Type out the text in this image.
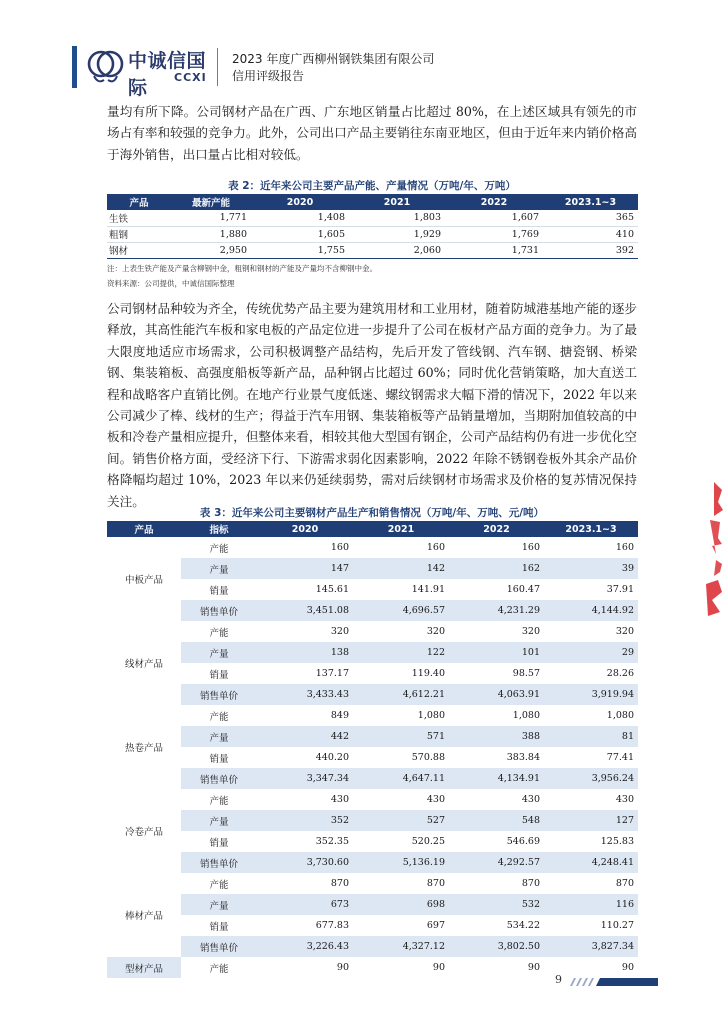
中诚信国际	CCXI
2023 年度广西柳州钢铁集团有限公司
信用评级报告

量均有所下降。公司钢材产品在广西、广东地区销量占比超过 80%，在上述区域具有领先的市场占有率和较强的竞争力。此外，公司出口产品主要销往东南亚地区，但由于近年来内销价格高于海外销售，出口量占比相对较低。

表 2：近年来公司主要产品产能、产量情况（万吨/年、万吨）
产品	最新产能	2020	2021	2022	2023.1~3
生铁	1,771	1,408	1,803	1,607	365
粗钢	1,880	1,605	1,929	1,769	410
钢材	2,950	1,755	2,060	1,731	392
注：上表生铁产能及产量含柳钢中金，粗钢和钢材的产能及产量均不含柳钢中金。
资料来源：公司提供，中诚信国际整理

公司钢材品种较为齐全，传统优势产品主要为建筑用材和工业用材，随着防城港基地产能的逐步释放，其高性能汽车板和家电板的产品定位进一步提升了公司在板材产品方面的竞争力。为了最大限度地适应市场需求，公司积极调整产品结构，先后开发了管线钢、汽车钢、搪瓷钢、桥梁钢、集装箱板、高强度船板等新产品，品种钢占比超过 60%；同时优化营销策略，加大直送工程和战略客户直销比例。在地产行业景气度低迷、螺纹钢需求大幅下滑的情况下，2022 年以来公司减少了棒、线材的生产；得益于汽车用钢、集装箱板等产品销量增加，当期附加值较高的中板和冷卷产量相应提升，但整体来看，相较其他大型国有钢企，公司产品结构仍有进一步优化空间。销售价格方面，受经济下行、下游需求弱化因素影响，2022 年除不锈钢卷板外其余产品价格降幅均超过 10%，2023 年以来仍延续弱势，需对后续钢材市场需求及价格的复苏情况保持关注。

表 3：近年来公司主要钢材产品生产和销售情况（万吨/年、万吨、元/吨）
产品	指标	2020	2021	2022	2023.1~3
中板产品	产能	160	160	160	160
	产量	147	142	162	39
	销量	145.61	141.91	160.47	37.91
	销售单价	3,451.08	4,696.57	4,231.29	4,144.92
线材产品	产能	320	320	320	320
	产量	138	122	101	29
	销量	137.17	119.40	98.57	28.26
	销售单价	3,433.43	4,612.21	4,063.91	3,919.94
热卷产品	产能	849	1,080	1,080	1,080
	产量	442	571	388	81
	销量	440.20	570.88	383.84	77.41
	销售单价	3,347.34	4,647.11	4,134.91	3,956.24
冷卷产品	产能	430	430	430	430
	产量	352	527	548	127
	销量	352.35	520.25	546.69	125.83
	销售单价	3,730.60	5,136.19	4,292.57	4,248.41
棒材产品	产能	870	870	870	870
	产量	673	698	532	116
	销量	677.83	697	534.22	110.27
	销售单价	3,226.43	4,327.12	3,802.50	3,827.34
型材产品	产能	90	90	90	90
9
